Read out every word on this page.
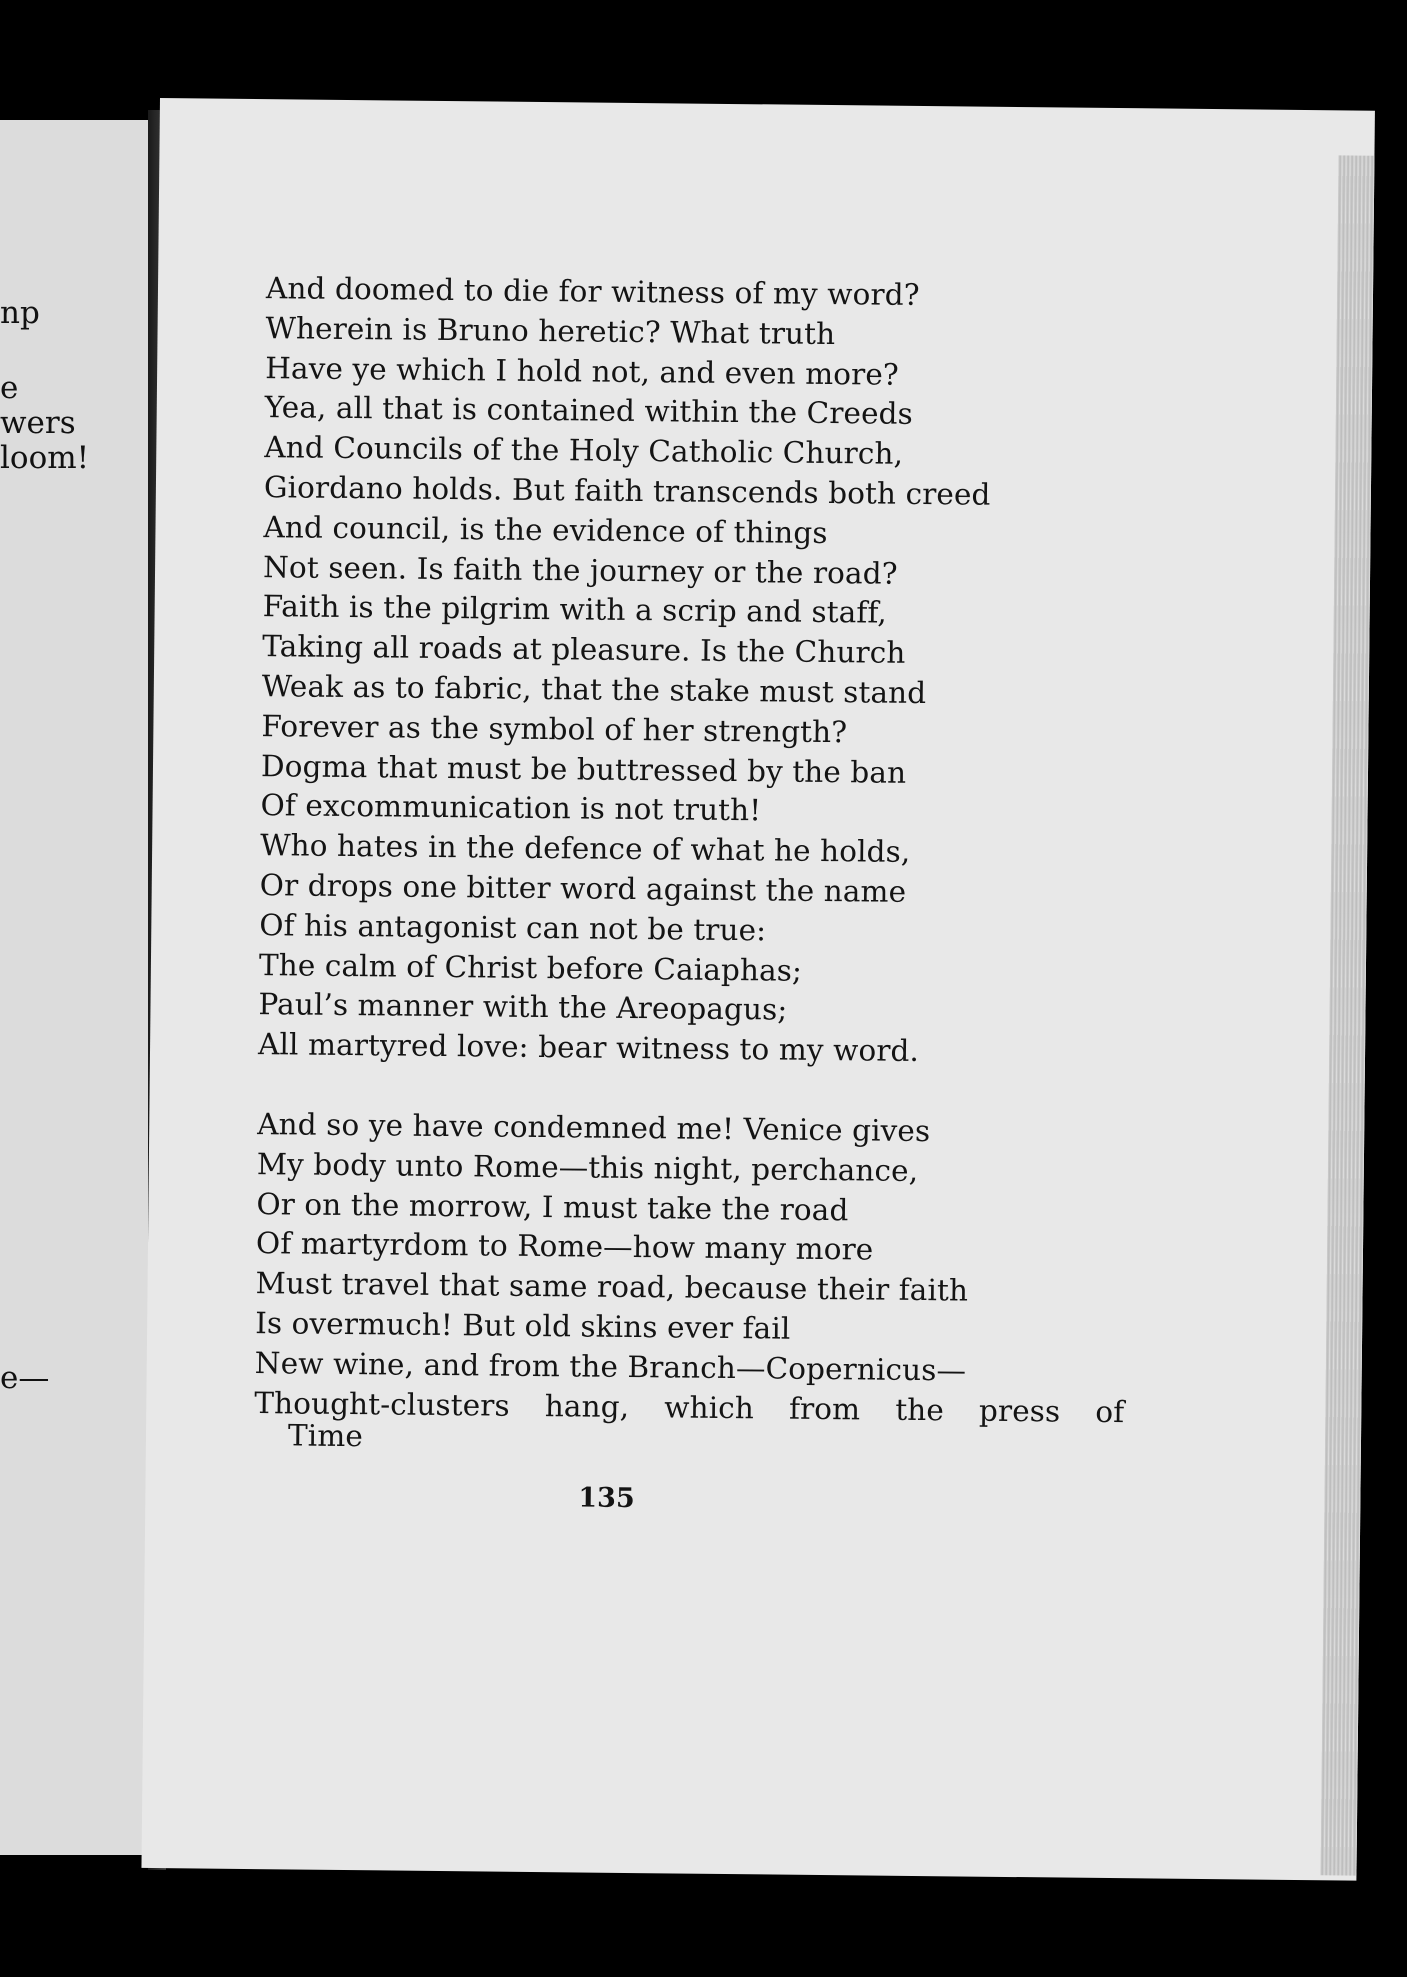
np
e
wers
loom!
e—
And doomed to die for witness of my word?
Wherein is Bruno heretic? What truth
Have ye which I hold not, and even more?
Yea, all that is contained within the Creeds
And Councils of the Holy Catholic Church,
Giordano holds. But faith transcends both creed
And council, is the evidence of things
Not seen. Is faith the journey or the road?
Faith is the pilgrim with a scrip and staff,
Taking all roads at pleasure. Is the Church
Weak as to fabric, that the stake must stand
Forever as the symbol of her strength?
Dogma that must be buttressed by the ban
Of excommunication is not truth!
Who hates in the defence of what he holds,
Or drops one bitter word against the name
Of his antagonist can not be true:
The calm of Christ before Caiaphas;
Paul’s manner with the Areopagus;
All martyred love: bear witness to my word.
And so ye have condemned me! Venice gives
My body unto Rome—this night, perchance,
Or on the morrow, I must take the road
Of martyrdom to Rome—how many more
Must travel that same road, because their faith
Is overmuch! But old skins ever fail
New wine, and from the Branch—Copernicus—
Thought-clusters hang, which from the press of
Time
135
